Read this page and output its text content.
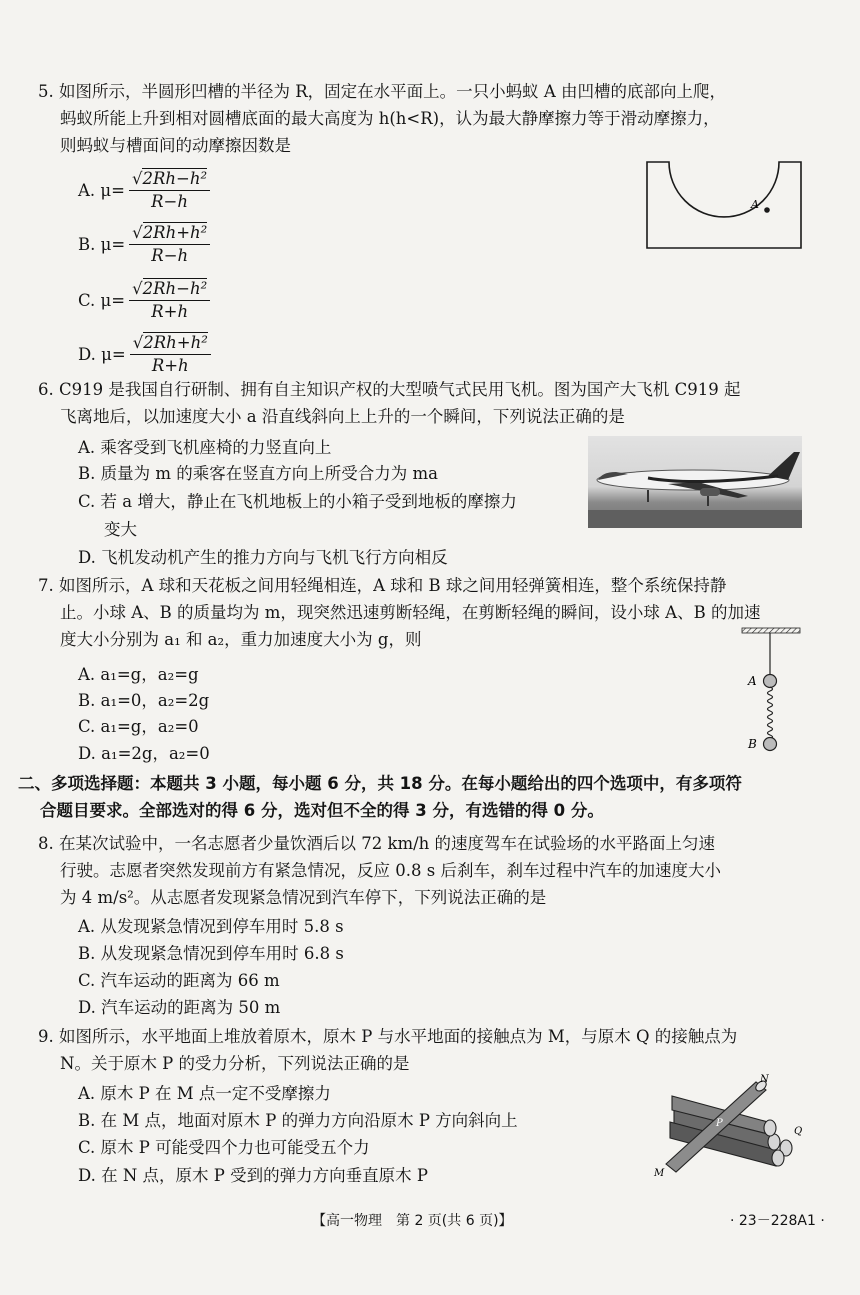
5. 如图所示，半圆形凹槽的半径为 R，固定在水平面上。一只小蚂蚁 A 由凹槽的底部向上爬，
蚂蚁所能上升到相对圆槽底面的最大高度为 h(h<R)，认为最大静摩擦力等于滑动摩擦力，
则蚂蚁与槽面间的动摩擦因数是
A. $\mu= \frac{\text{√2Rh−h²}}{R-h}$
B. $\mu= \frac{\text{√2Rh+h²}}{R-h}$
C. $\mu= \frac{\text{√2Rh−h²}}{R+h}$
D. $\mu= \frac{\text{√2Rh+h²}}{R+h}$
A
6. C919 是我国自行研制、拥有自主知识产权的大型喷气式民用飞机。图为国产大飞机 C919 起
飞离地后，以加速度大小 a 沿直线斜向上上升的一个瞬间，下列说法正确的是
A. 乘客受到飞机座椅的力竖直向上
B. 质量为 m 的乘客在竖直方向上所受合力为 ma
C. 若 a 增大，静止在飞机地板上的小箱子受到地板的摩擦力
变大
D. 飞机发动机产生的推力方向与飞机飞行方向相反
7. 如图所示，A 球和天花板之间用轻绳相连，A 球和 B 球之间用轻弹簧相连，整个系统保持静
止。小球 A、B 的质量均为 m，现突然迅速剪断轻绳，在剪断轻绳的瞬间，设小球 A、B 的加速
度大小分别为 a₁ 和 a₂，重力加速度大小为 g，则
A. a₁=g，a₂=g
B. a₁=0，a₂=2g
C. a₁=g，a₂=0
D. a₁=2g，a₂=0
A
B
二、多项选择题：本题共 3 小题，每小题 6 分，共 18 分。在每小题给出的四个选项中，有多项符
合题目要求。全部选对的得 6 分，选对但不全的得 3 分，有选错的得 0 分。
8. 在某次试验中，一名志愿者少量饮酒后以 72 km/h 的速度驾车在试验场的水平路面上匀速
行驶。志愿者突然发现前方有紧急情况，反应 0.8 s 后刹车，刹车过程中汽车的加速度大小
为 4 m/s²。从志愿者发现紧急情况到汽车停下，下列说法正确的是
A. 从发现紧急情况到停车用时 5.8 s
B. 从发现紧急情况到停车用时 6.8 s
C. 汽车运动的距离为 66 m
D. 汽车运动的距离为 50 m
9. 如图所示，水平地面上堆放着原木，原木 P 与水平地面的接触点为 M，与原木 Q 的接触点为
N。关于原木 P 的受力分析，下列说法正确的是
A. 原木 P 在 M 点一定不受摩擦力
B. 在 M 点，地面对原木 P 的弹力方向沿原木 P 方向斜向上
C. 原木 P 可能受四个力也可能受五个力
D. 在 N 点，原木 P 受到的弹力方向垂直原木 P
N
Q
P
M
【高一物理　第 2 页(共 6 页)】	· 23－228A1 ·
